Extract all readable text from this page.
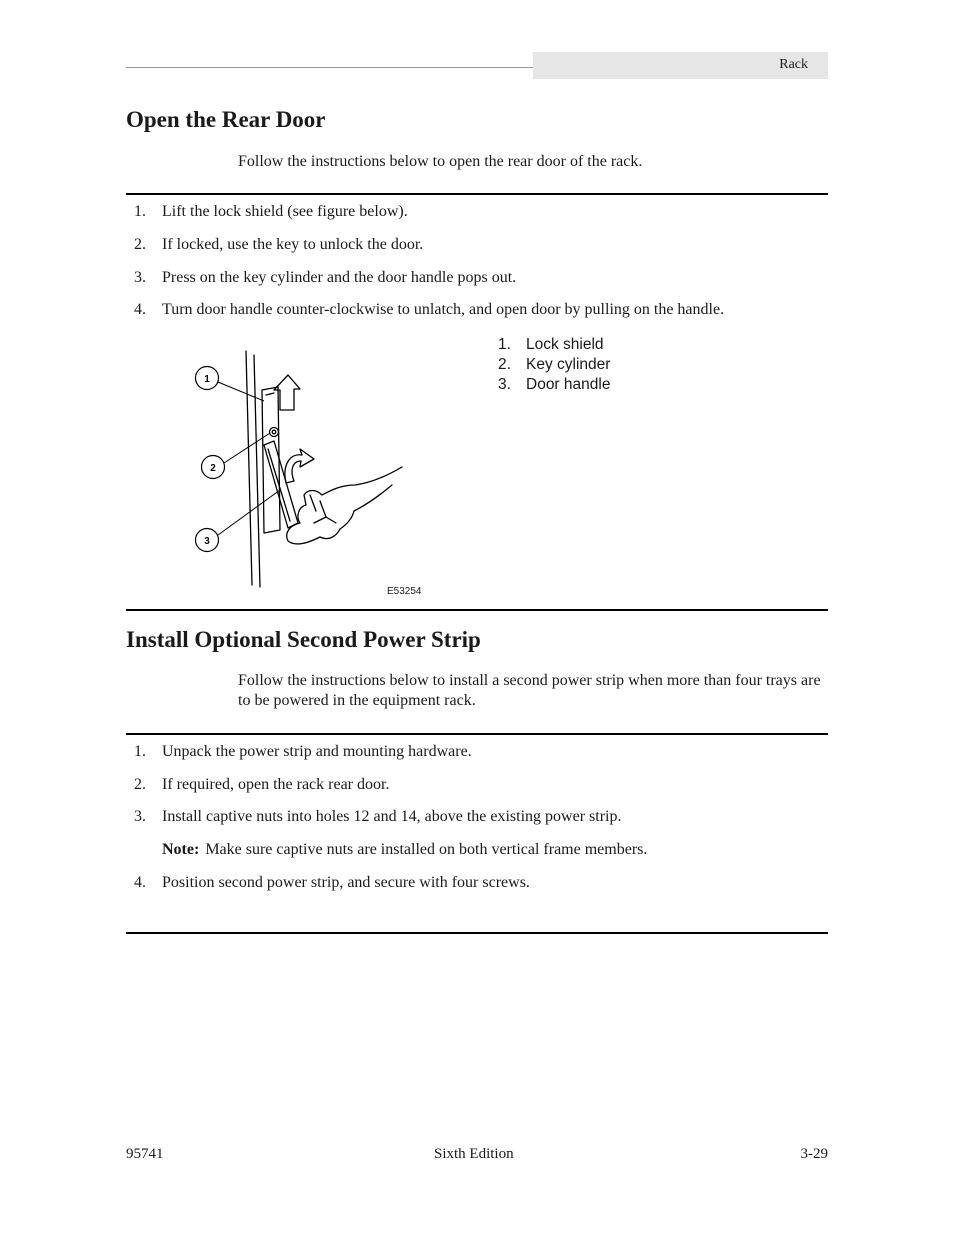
Rack
Open the Rear Door

Follow the instructions below to open the rear door of the rack.

1.	Lift the lock shield (see figure below).
2.	If locked, use the key to unlock the door.
3.	Press on the key cylinder and the door handle pops out.
4.	Turn door handle counter-clockwise to unlatch, and open door by pulling on the handle.
1
2
3
1. Lock shield
2. Key cylinder
3. Door handle
E53254
Install Optional Second Power Strip

Follow the instructions below to install a second power strip when more than four trays are to be powered in the equipment rack.

1.	Unpack the power strip and mounting hardware.
2.	If required, open the rack rear door.
3.	Install captive nuts into holes 12 and 14, above the existing power strip.
4.	Position second power strip, and secure with four screws.
Note: Make sure captive nuts are installed on both vertical frame members.
95741	Sixth Edition	3-29
